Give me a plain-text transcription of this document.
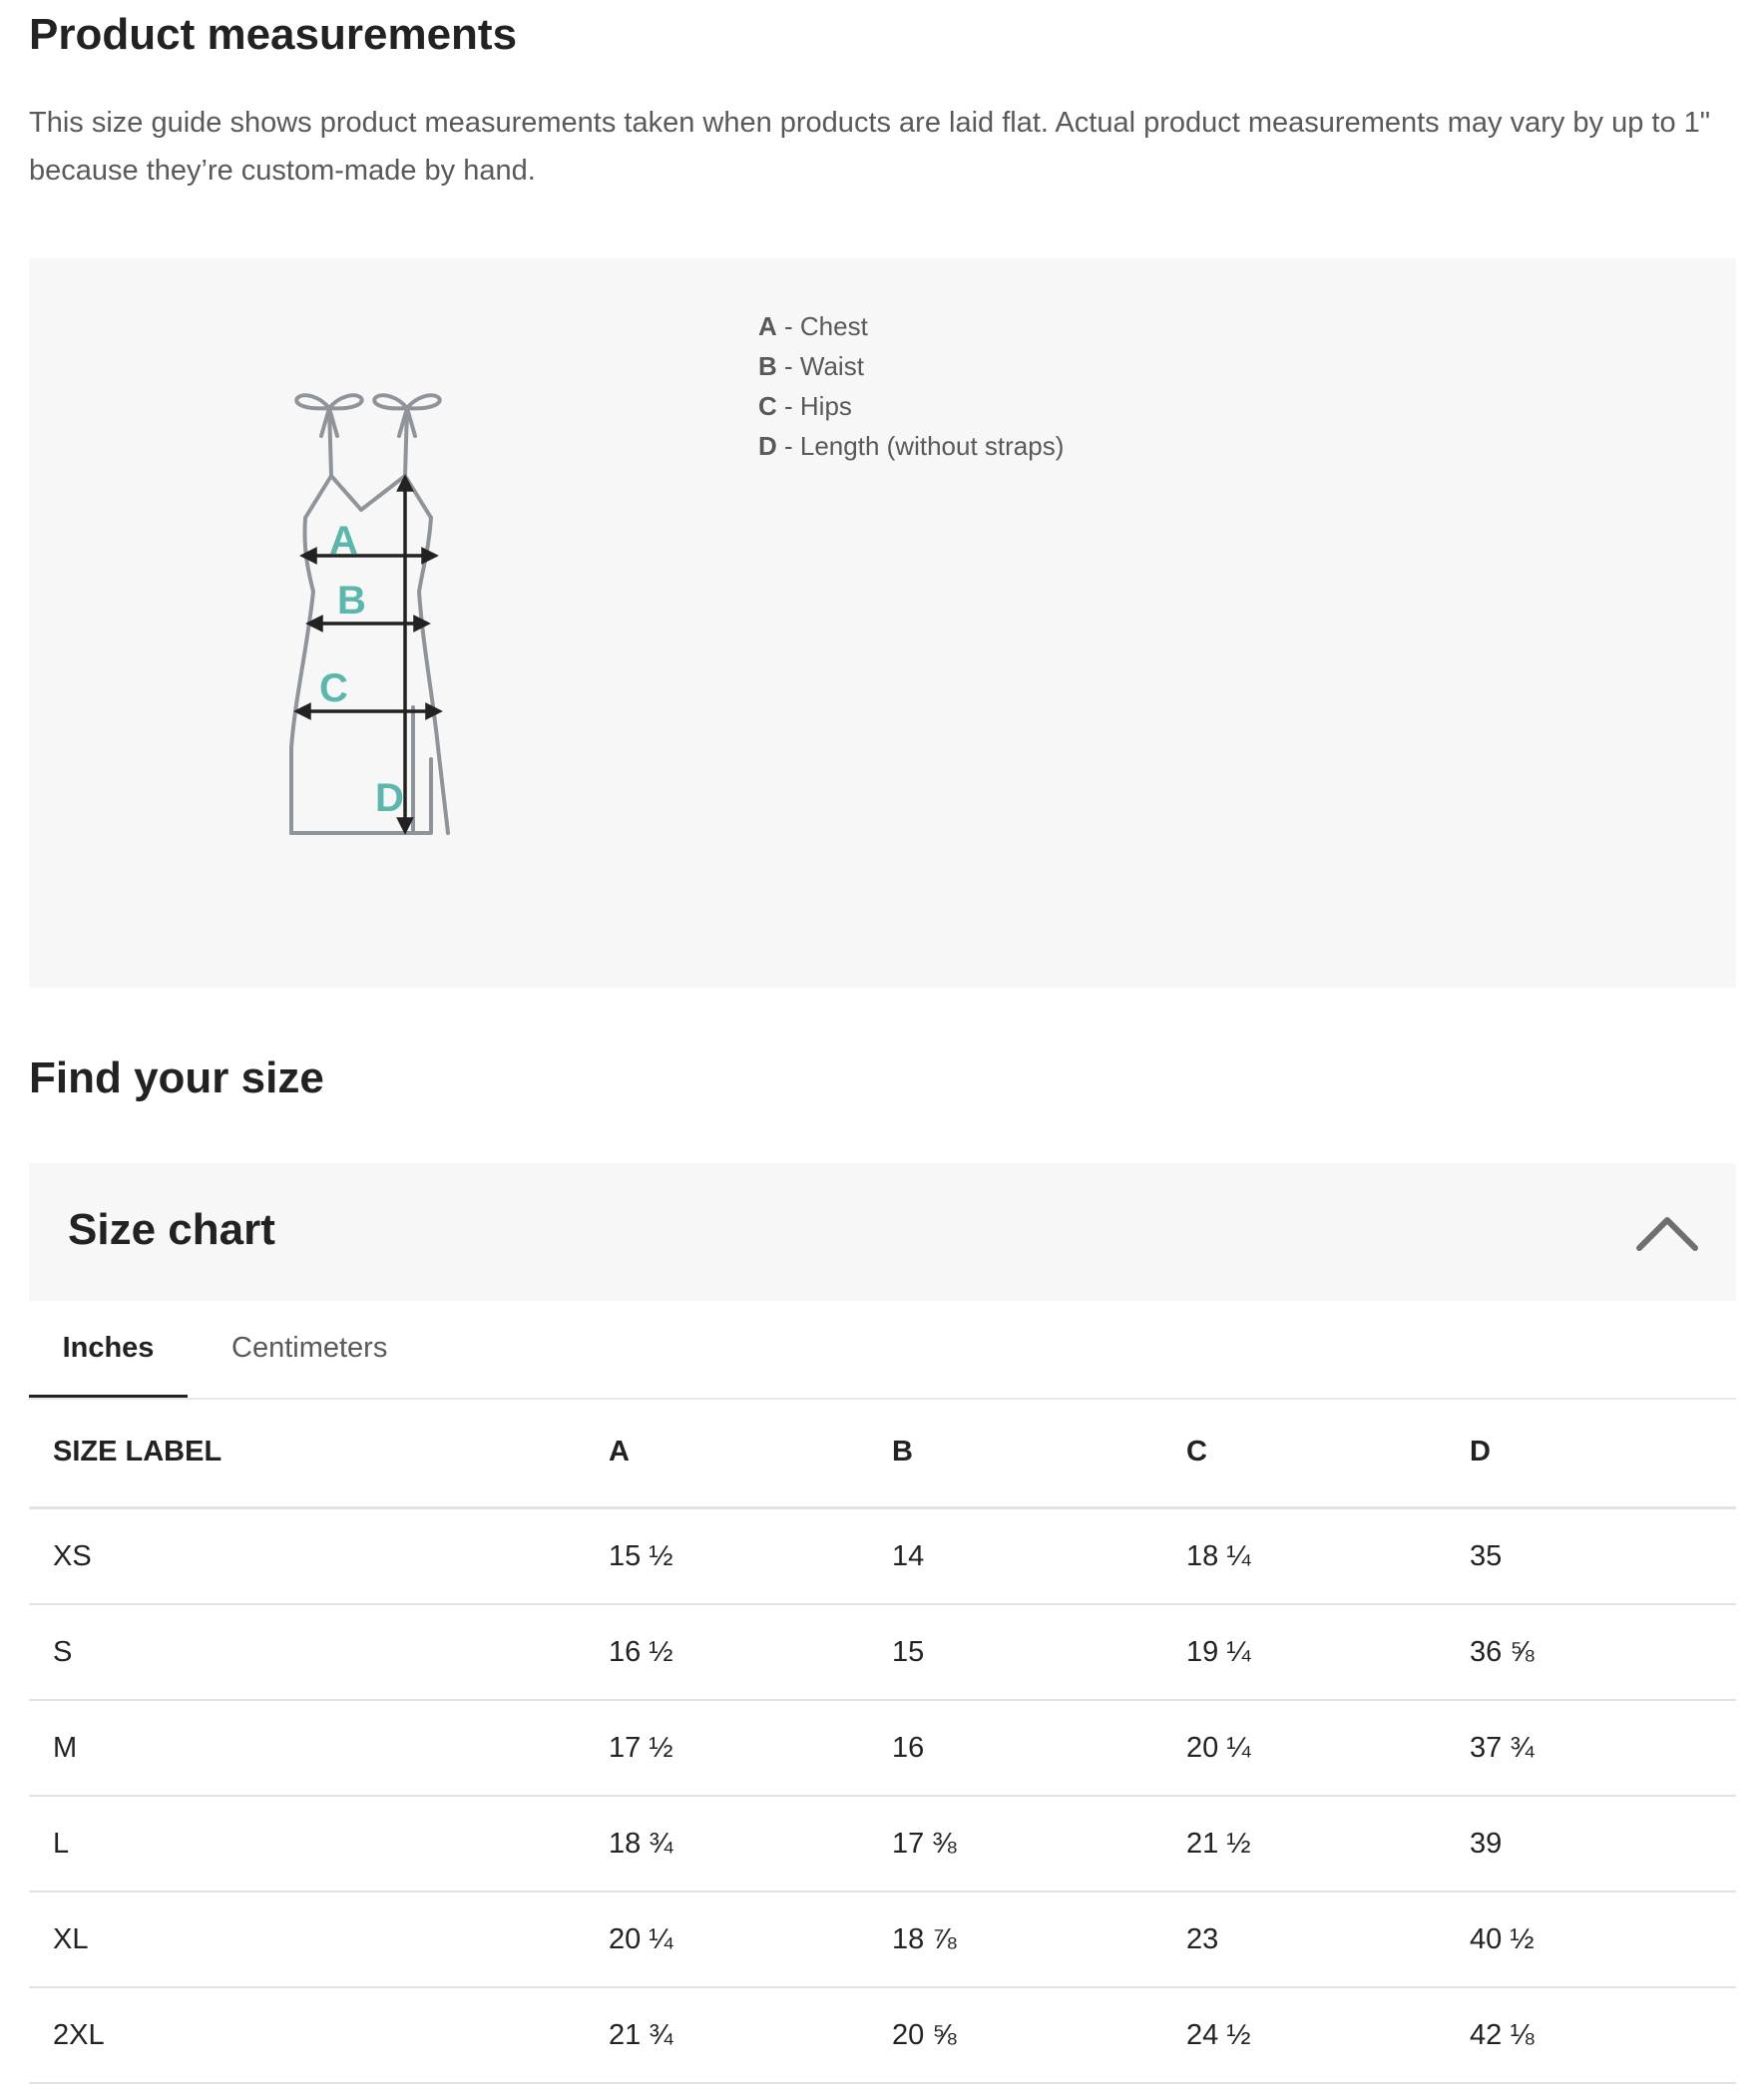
Product measurements

This size guide shows product measurements taken when products are laid flat. Actual product measurements may vary by up to 1" because they’re custom-made by hand.

A
B
C
D
A - Chest
B - Waist
C - Hips
D - Length (without straps)
Find your size
Size chart
Inches	Centimeters
SIZE LABEL	A	B	C	D
XS	15 ½	14	18 ¼	35
S	16 ½	15	19 ¼	36 ⅝
M	17 ½	16	20 ¼	37 ¾
L	18 ¾	17 ⅜	21 ½	39
XL	20 ¼	18 ⅞	23	40 ½
2XL	21 ¾	20 ⅝	24 ½	42 ⅛
